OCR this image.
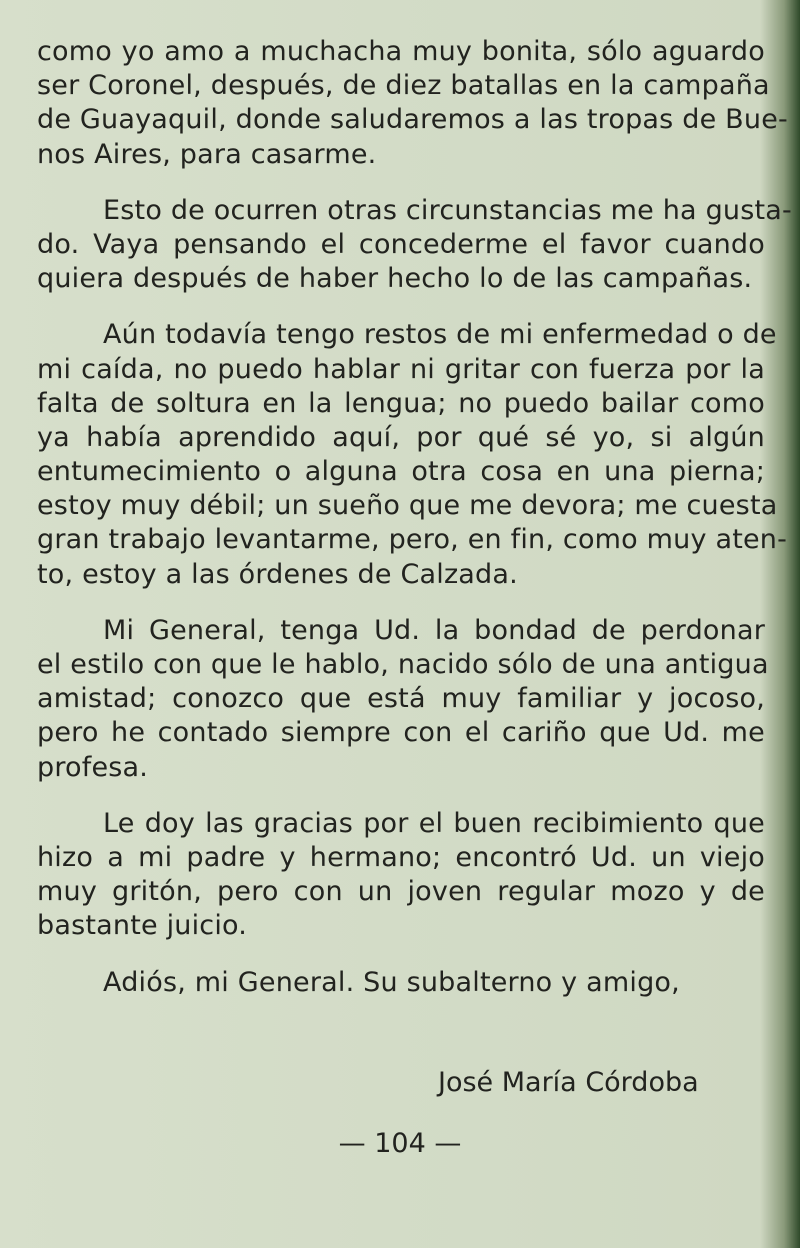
como yo amo a muchacha muy bonita, sólo aguardo
ser Coronel, después, de diez batallas en la campaña
de Guayaquil, donde saludaremos a las tropas de Bue-
nos Aires, para casarme.
Esto de ocurren otras circunstancias me ha gusta-
do. Vaya pensando el concederme el favor cuando
quiera después de haber hecho lo de las campañas.
Aún todavía tengo restos de mi enfermedad o de
mi caída, no puedo hablar ni gritar con fuerza por la
falta de soltura en la lengua; no puedo bailar como
ya había aprendido aquí, por qué sé yo, si algún
entumecimiento o alguna otra cosa en una pierna;
estoy muy débil; un sueño que me devora; me cuesta
gran trabajo levantarme, pero, en fin, como muy aten-
to, estoy a las órdenes de Calzada.
Mi General, tenga Ud. la bondad de perdonar
el estilo con que le hablo, nacido sólo de una antigua
amistad; conozco que está muy familiar y jocoso,
pero he contado siempre con el cariño que Ud. me
profesa.
Le doy las gracias por el buen recibimiento que
hizo a mi padre y hermano; encontró Ud. un viejo
muy gritón, pero con un joven regular mozo y de
bastante juicio.
Adiós, mi General. Su subalterno y amigo,
José María Córdoba
— 104 —
